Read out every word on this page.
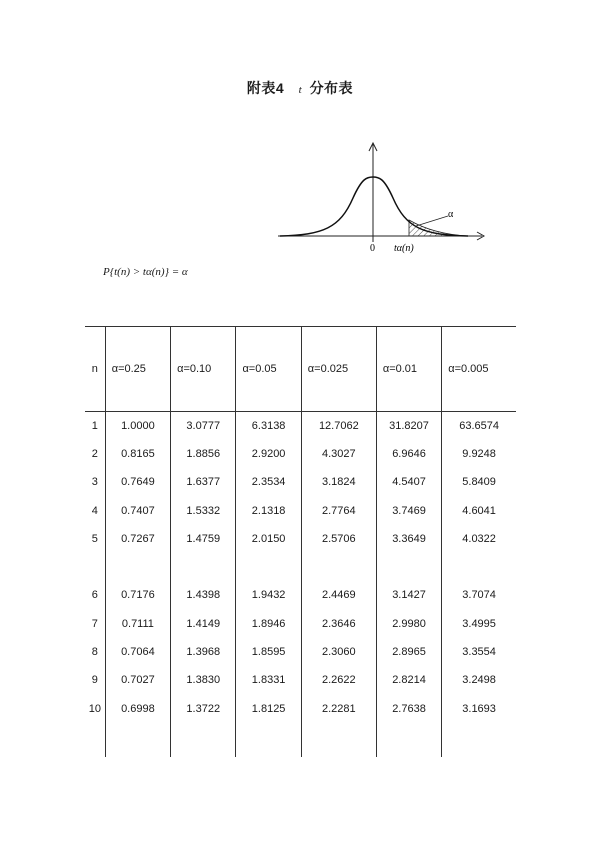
附表4 t 分布表
α
0 tα(n)
P{t(n) > tα(n)} = α
n	α=0.25	α=0.10	α=0.05	α=0.025	α=0.01	α=0.005
1	1.0000	3.0777	6.3138	12.7062	31.8207	63.6574
2	0.8165	1.8856	2.9200	4.3027	6.9646	9.9248
3	0.7649	1.6377	2.3534	3.1824	4.5407	5.8409
4	0.7407	1.5332	2.1318	2.7764	3.7469	4.6041
5	0.7267	1.4759	2.0150	2.5706	3.3649	4.0322

6	0.7176	1.4398	1.9432	2.4469	3.1427	3.7074
7	0.7111	1.4149	1.8946	2.3646	2.9980	3.4995
8	0.7064	1.3968	1.8595	2.3060	2.8965	3.3554
9	0.7027	1.3830	1.8331	2.2622	2.8214	3.2498
10	0.6998	1.3722	1.8125	2.2281	2.7638	3.1693
